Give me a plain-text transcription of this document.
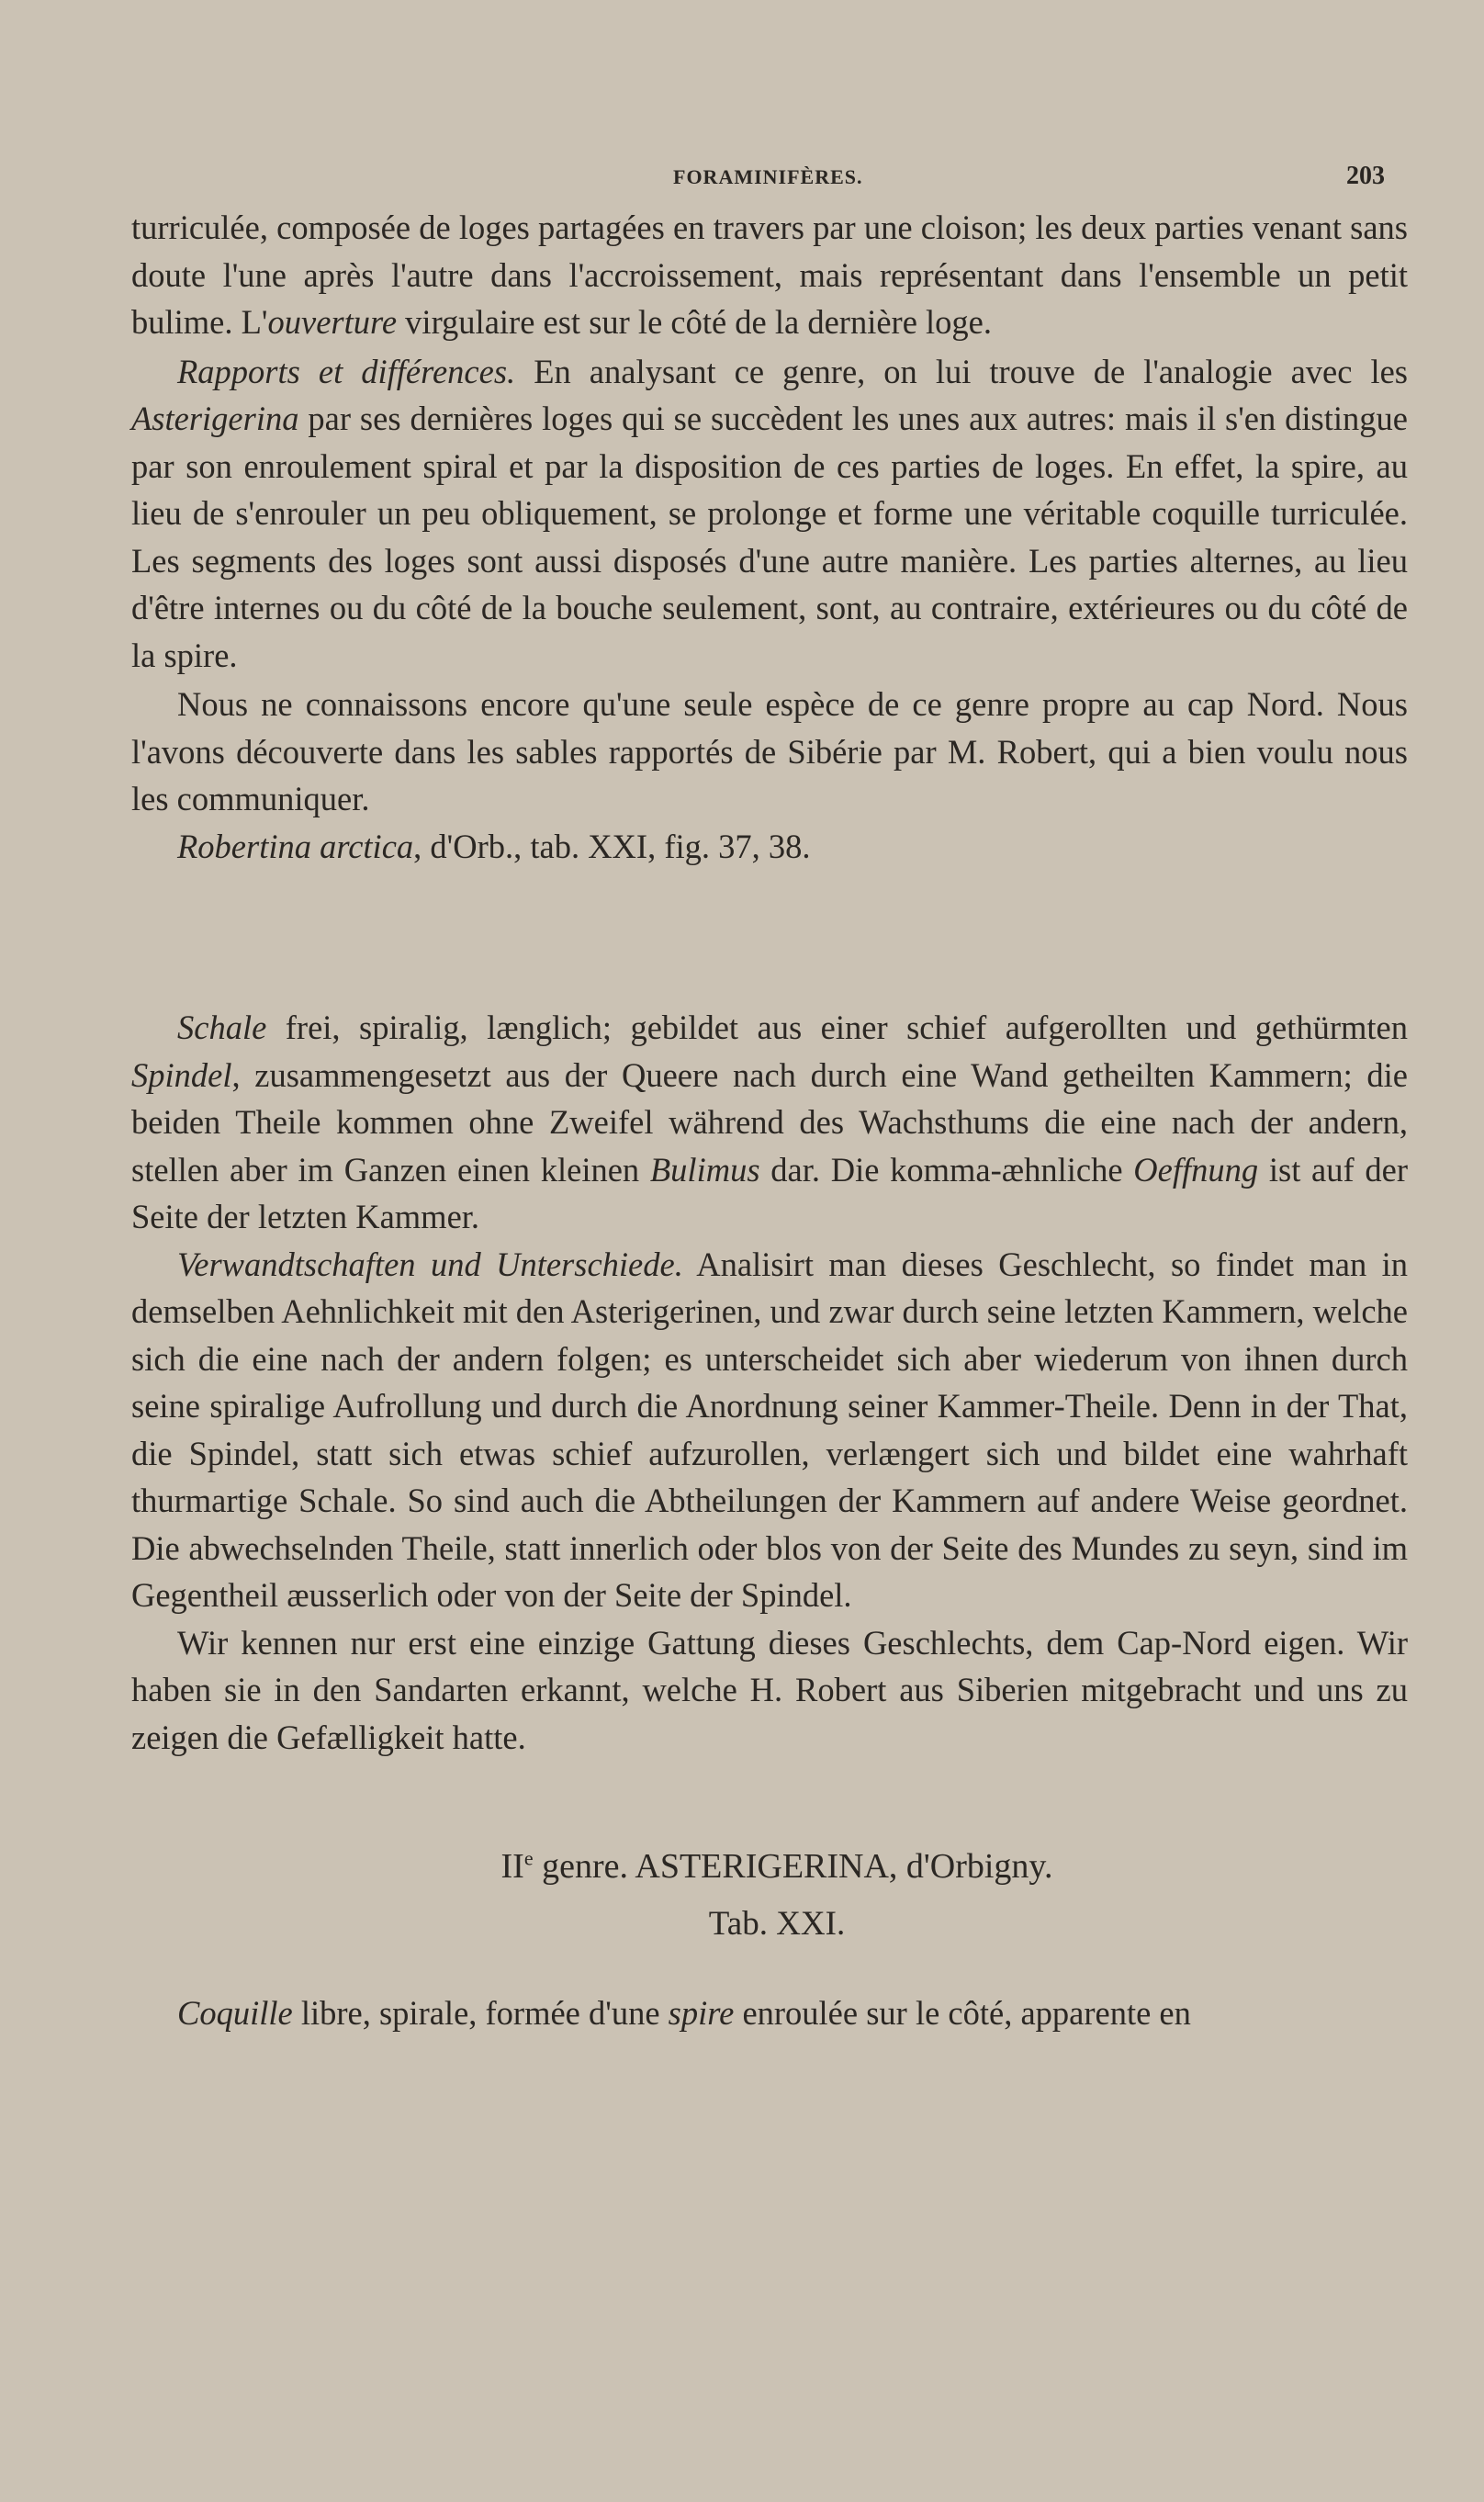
FORAMINIFÈRES.	203

turriculée, composée de loges partagées en travers par une cloison; les deux parties venant sans doute l'une après l'autre dans l'accroissement, mais représentant dans l'ensemble un petit bulime. L'ouverture virgulaire est sur le côté de la dernière loge.

Rapports et différences. En analysant ce genre, on lui trouve de l'analogie avec les Asterigerina par ses dernières loges qui se succèdent les unes aux autres: mais il s'en distingue par son enroulement spiral et par la disposition de ces parties de loges. En effet, la spire, au lieu de s'enrouler un peu obliquement, se prolonge et forme une véritable coquille turriculée. Les segments des loges sont aussi disposés d'une autre manière. Les parties alternes, au lieu d'être internes ou du côté de la bouche seulement, sont, au contraire, extérieures ou du côté de la spire.

Nous ne connaissons encore qu'une seule espèce de ce genre propre au cap Nord. Nous l'avons découverte dans les sables rapportés de Sibérie par M. Robert, qui a bien voulu nous les communiquer.

Robertina arctica, d'Orb., tab. XXI, fig. 37, 38.

Schale frei, spiralig, længlich; gebildet aus einer schief aufgerollten und gethürmten Spindel, zusammengesetzt aus der Queere nach durch eine Wand getheilten Kammern; die beiden Theile kommen ohne Zweifel während des Wachsthums die eine nach der andern, stellen aber im Ganzen einen kleinen Bulimus dar. Die komma-æhnliche Oeffnung ist auf der Seite der letzten Kammer.

Verwandtschaften und Unterschiede. Analisirt man dieses Geschlecht, so findet man in demselben Aehnlichkeit mit den Asterigerinen, und zwar durch seine letzten Kammern, welche sich die eine nach der andern folgen; es unterscheidet sich aber wiederum von ihnen durch seine spiralige Aufrollung und durch die Anordnung seiner Kammer-Theile. Denn in der That, die Spindel, statt sich etwas schief aufzurollen, verlængert sich und bildet eine wahrhaft thurmartige Schale. So sind auch die Abtheilungen der Kammern auf andere Weise geordnet. Die abwechselnden Theile, statt innerlich oder blos von der Seite des Mundes zu seyn, sind im Gegentheil æusserlich oder von der Seite der Spindel.

Wir kennen nur erst eine einzige Gattung dieses Geschlechts, dem Cap-Nord eigen. Wir haben sie in den Sandarten erkannt, welche H. Robert aus Siberien mitgebracht und uns zu zeigen die Gefælligkeit hatte.

IIe genre. ASTERIGERINA, d'Orbigny.
Tab. XXI.

Coquille libre, spirale, formée d'une spire enroulée sur le côté, apparente en
